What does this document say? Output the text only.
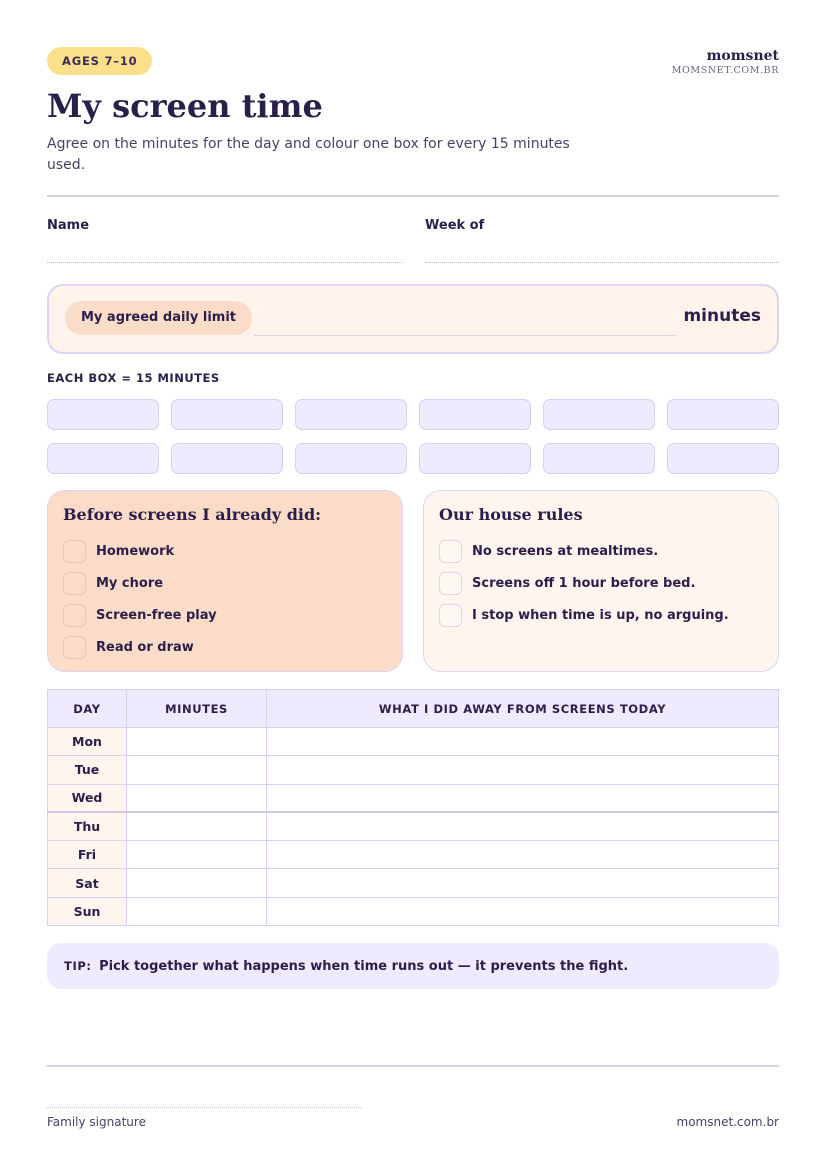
AGES 7–10	momsnet
MOMSNET.COM.BR
My screen time

Agree on the minutes for the day and colour one box for every 15 minutes used.

Name	Week of
My agreed daily limit	minutes
EACH BOX = 15 MINUTES
Before screens I already did:
Homework
My chore
Screen-free play
Read or draw
Our house rules
No screens at mealtimes.
Screens off 1 hour before bed.
I stop when time is up, no arguing.
DAY	MINUTES	WHAT I DID AWAY FROM SCREENS TODAY
Mon		
Tue		
Wed		
Thu		
Fri		
Sat		
Sun		
TIP: Pick together what happens when time runs out — it prevents the fight.
Family signature	momsnet.com.br
